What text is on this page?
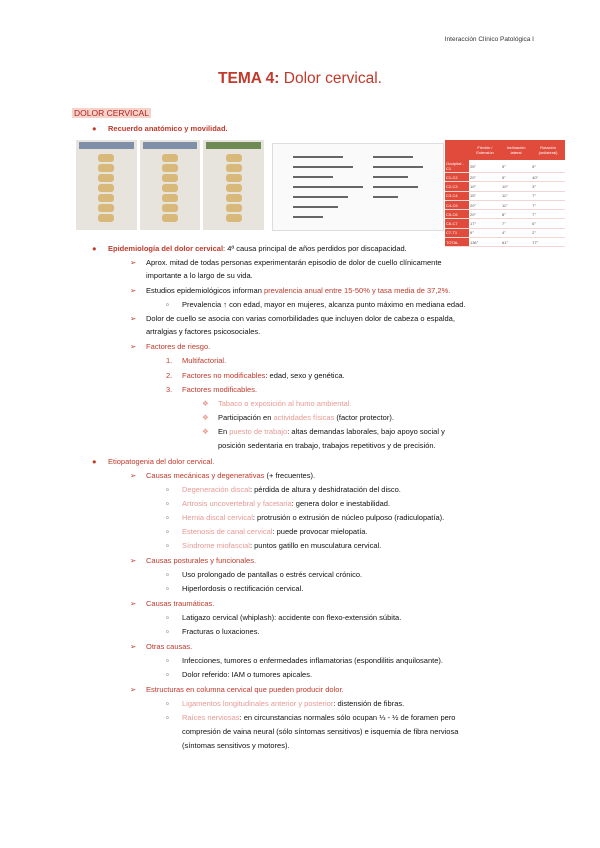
Interacción Clínico Patológica I
TEMA 4: Dolor cervical.
DOLOR CERVICAL
● Recuerdo anatómico y movilidad.
	Flexión / Extensión	Inclinación lateral	Rotación (unilateral)
Occipital - C1	25°	5°	5°
C1-C2	20°	5°	40°
C2-C3	10°	10°	3°
C3-C4	15°	11°	7°
C4-C5	20°	11°	7°
C5-C6	20°	8°	7°
C6-C7	17°	7°	6°
C7-T1	9°	4°	2°
TOTAL	136°	61°	77°
● Epidemiología del dolor cervical: 4ª causa principal de años perdidos por discapacidad.
➢ Aprox. mitad de todas personas experimentarán episodio de dolor de cuello clínicamente
importante a lo largo de su vida.
➢ Estudios epidemiológicos informan prevalencia anual entre 15-50% y tasa media de 37,2%.
▫ Prevalencia ↑ con edad, mayor en mujeres, alcanza punto máximo en mediana edad.
➢ Dolor de cuello se asocia con varias comorbilidades que incluyen dolor de cabeza o espalda,
artralgias y factores psicosociales.
➢ Factores de riesgo.
1. Multifactorial.
2. Factores no modificables: edad, sexo y genética.
3. Factores modificables.
❖ Tabaco o exposición al humo ambiental.
❖ Participación en actividades físicas (factor protector).
❖ En puesto de trabajo: altas demandas laborales, bajo apoyo social y
posición sedentaria en trabajo, trabajos repetitivos y de precisión.
● Etiopatogenia del dolor cervical.
➢ Causas mecánicas y degenerativas (+ frecuentes).
▫ Degeneración discal: pérdida de altura y deshidratación del disco.
▫ Artrosis uncovertebral y facetaria: genera dolor e inestabilidad.
▫ Hernia discal cervical: protrusión o extrusión de núcleo pulposo (radiculopatía).
▫ Estenosis de canal cervical: puede provocar mielopatía.
▫ Síndrome miofascial: puntos gatillo en musculatura cervical.
➢ Causas posturales y funcionales.
▫ Uso prolongado de pantallas o estrés cervical crónico.
▫ Hiperlordosis o rectificación cervical.
➢ Causas traumáticas.
▫ Latigazo cervical (whiplash): accidente con flexo-extensión súbita.
▫ Fracturas o luxaciones.
➢ Otras causas.
▫ Infecciones, tumores o enfermedades inflamatorias (espondilitis anquilosante).
▫ Dolor referido: IAM o tumores apicales.
➢ Estructuras en columna cervical que pueden producir dolor.
▫ Ligamentos longitudinales anterior y posterior: distensión de fibras.
▫ Raíces nerviosas: en circunstancias normales sólo ocupan ⅓ - ½ de foramen pero
compresión de vaina neural (sólo síntomas sensitivos) e isquemia de fibra nerviosa
(síntomas sensitivos y motores).
